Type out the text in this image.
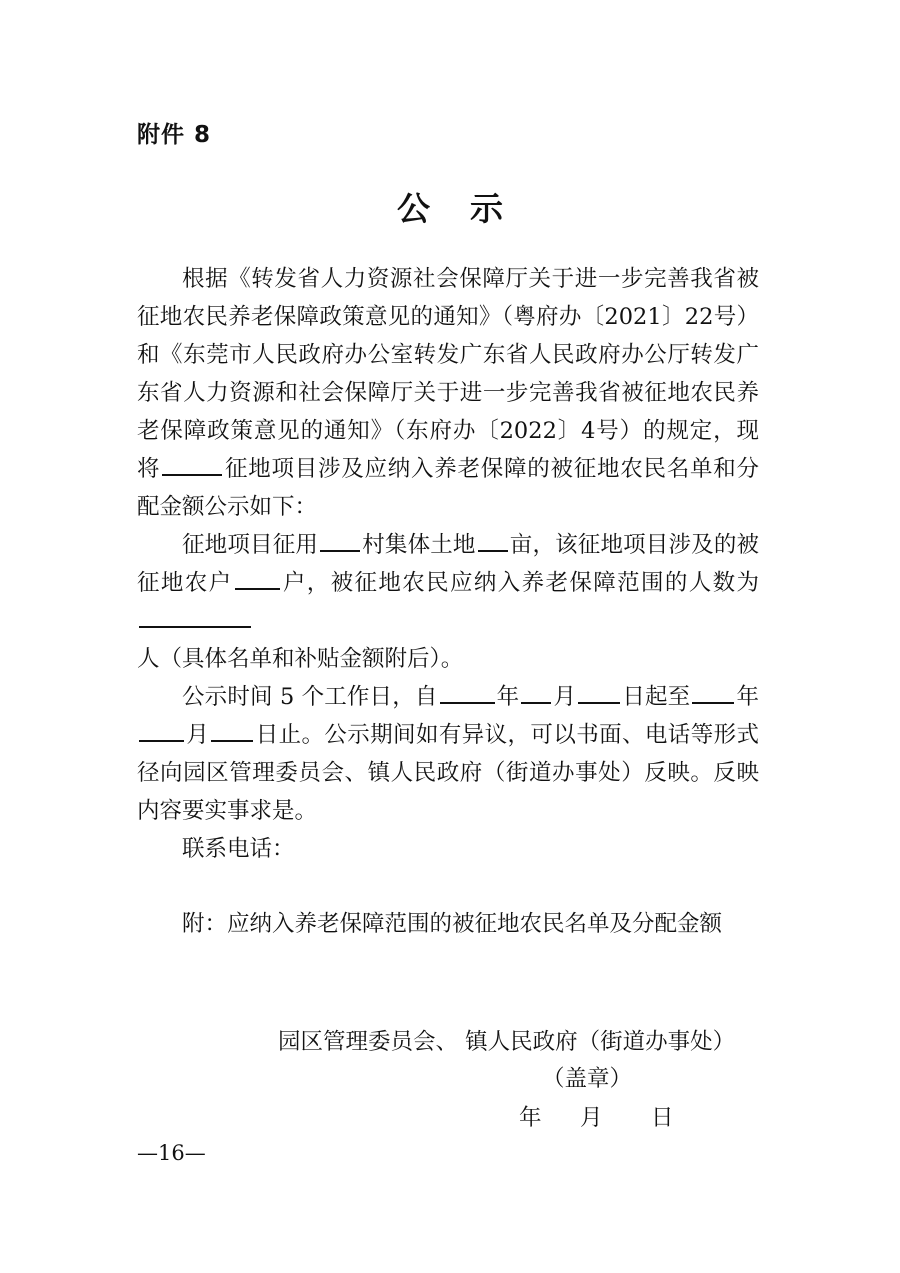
附件 8
公示

根据《转发省人力资源社会保障厅关于进一步完善我省被征地农民养老保障政策意见的通知》（粤府办〔2021〕22号）和《东莞市人民政府办公室转发广东省人民政府办公厅转发广东省人力资源和社会保障厅关于进一步完善我省被征地农民养老保障政策意见的通知》（东府办〔2022〕4号）的规定，现将	征地项目涉及应纳入养老保障的被征地农民名单和分配金额公示如下：

征地项目征用 村集体土地 亩，该征地项目涉及的被征地农户 户，被征地农民应纳入养老保障范围的人数为

人（具体名单和补贴金额附后）。

公示时间 5 个工作日，自	年 月 日起至 年月 日止。公示期间如有异议，可以书面、电话等形式径向园区管理委员会、镇人民政府（街道办事处）反映。反映内容要实事求是。

联系电话：

附：应纳入养老保障范围的被征地农民名单及分配金额

园区管理委员会、 镇人民政府（街道办事处）
（盖章）
年 月 日
—16—
